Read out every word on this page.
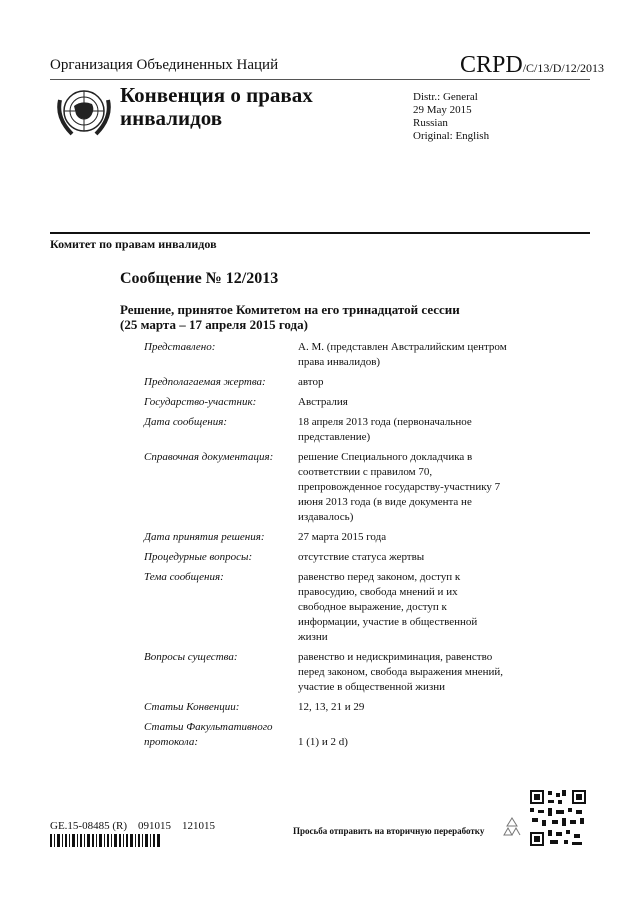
Организация Объединенных Наций	CRPD/C/13/D/12/2013
Конвенция о правах инвалидов
Distr.: General
29 May 2015
Russian
Original: English
Комитет по правам инвалидов
Сообщение № 12/2013
Решение, принятое Комитетом на его тринадцатой сессии
(25 марта – 17 апреля 2015 года)
Представлено:	А. М. (представлен Австралийским центром права инвалидов)
Предполагаемая жертва:	автор
Государство-участник:	Австралия
Дата сообщения:	18 апреля 2013 года (первоначальное представление)
Справочная документация:	решение Специального докладчика в соответствии с правилом 70, препровожденное государству-участнику 7 июня 2013 года (в виде документа не издавалось)
Дата принятия решения:	27 марта 2015 года
Процедурные вопросы:	отсутствие статуса жертвы
Тема сообщения:	равенство перед законом, доступ к правосудию, свобода мнений и их свободное выражение, доступ к информации, участие в общественной жизни
Вопросы существа:	равенство и недискриминация, равенство перед законом, свобода выражения мнений, участие в общественной жизни
Статьи Конвенции:	12, 13, 21 и 29
Статьи Факультативного протокола:	1 (1) и 2 d)
GE.15-08485 (R)    091015    121015	Просьба отправить на вторичную переработку
